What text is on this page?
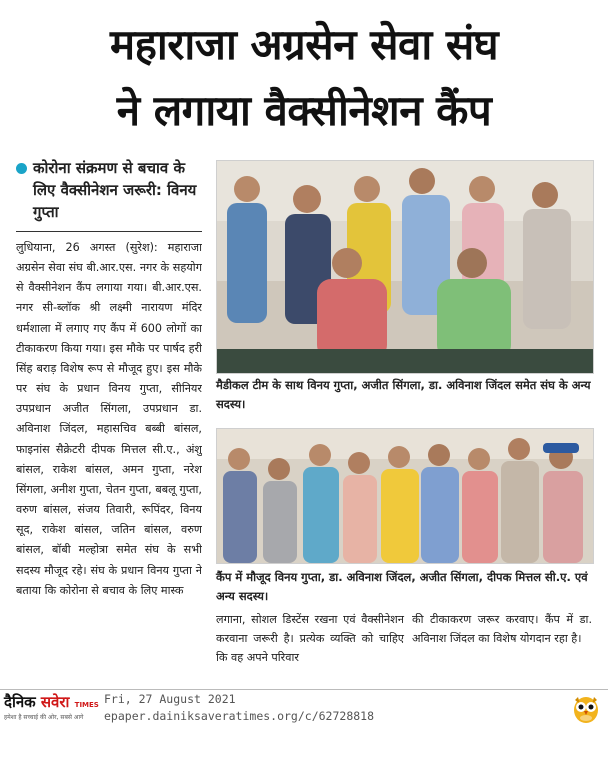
महाराजा अग्रसेन सेवा संघ
ने लगाया वैक्सीनेशन कैंप
कोरोना संक्रमण से बचाव के लिए वैक्सीनेशन जरूरी: विनय गुप्ता
लुधियाना, 26 अगस्त (सुरेश): महाराजा अग्रसेन सेवा संघ बी.आर.एस. नगर के सहयोग से वैक्सीनेशन कैंप लगाया गया। बी.आर.एस. नगर सी-ब्लॉक श्री लक्ष्मी नारायण मंदिर धर्मशाला में लगाए गए कैंप में 600 लोगों का टीकाकरण किया गया। इस मौके पर पार्षद हरी सिंह बराड़ विशेष रूप से मौजूद हुए। इस मौके पर संघ के प्रधान विनय गुप्ता, सीनियर उपप्रधान अजीत सिंगला, उपप्रधान डा. अविनाश जिंदल, महासचिव बब्बी बांसल, फाइनांस सैक्रेटरी दीपक मित्तल सी.ए., अंशु बांसल, राकेश बांसल, अमन गुप्ता, नरेश सिंगला, अनीश गुप्ता, चेतन गुप्ता, बबलू गुप्ता, वरुण बांसल, संजय तिवारी, रूपिंदर, विनय सूद, राकेश बांसल, जतिन बांसल, वरुण बांसल, बॉबी मल्होत्रा समेत संघ के सभी सदस्य मौजूद रहे। संघ के प्रधान विनय गुप्ता ने बताया कि कोरोना से बचाव के लिए मास्क
मैडीकल टीम के साथ विनय गुप्ता, अजीत सिंगला, डा. अविनाश जिंदल समेत संघ के अन्य सदस्य।
कैंप में मौजूद विनय गुप्ता, डा. अविनाश जिंदल, अजीत सिंगला, दीपक मित्तल सी.ए. एवं अन्य सदस्य।
लगाना, सोशल डिस्टेंस रखना एवं वैक्सीनेशन करवाना जरूरी है। प्रत्येक व्यक्ति को चाहिए कि वह अपने परिवार
की टीकाकरण जरूर करवाए। कैंप में डा. अविनाश जिंदल का विशेष योगदान रहा है।
दैनिक सवेरा TIMES
हमेशा है सच्चाई की ओर, सबसे आगे
Fri, 27 August 2021
epaper.dainiksaveratimes.org/c/62728818
